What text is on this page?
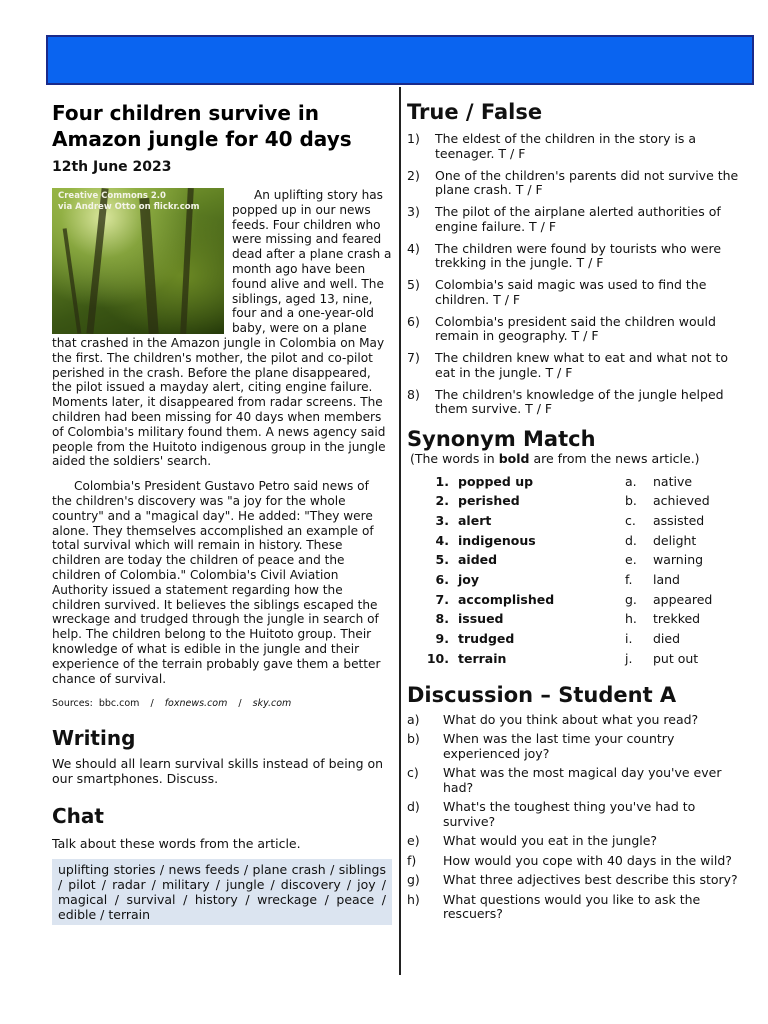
Four children survive in Amazon jungle for 40 days
12th June 2023

Creative Commons 2.0
via Andrew Otto on flickr.com
An uplifting story has popped up in our news feeds. Four children who were missing and feared dead after a plane crash a month ago have been found alive and well. The siblings, aged 13, nine, four and a one-year-old baby, were on a plane that crashed in the Amazon jungle in Colombia on May the first. The children's mother, the pilot and co-pilot perished in the crash. Before the plane disappeared, the pilot issued a mayday alert, citing engine failure. Moments later, it disappeared from radar screens. The children had been missing for 40 days when members of Colombia's military found them. A news agency said people from the Huitoto indigenous group in the jungle aided the soldiers' search.

Colombia's President Gustavo Petro said news of the children's discovery was "a joy for the whole country" and a "magical day". He added: "They were alone. They themselves accomplished an example of total survival which will remain in history. These children are today the children of peace and the children of Colombia." Colombia's Civil Aviation Authority issued a statement regarding how the children survived. It believes the siblings escaped the wreckage and trudged through the jungle in search of help. The children belong to the Huitoto group. Their knowledge of what is edible in the jungle and their experience of the terrain probably gave them a better chance of survival.

Sources: bbc.com / foxnews.com / sky.com
Writing
We should all learn survival skills instead of being on our smartphones. Discuss.
Chat
Talk about these words from the article.
uplifting stories / news feeds / plane crash / siblings / pilot / radar / military / jungle / discovery / joy / magical / survival / history / wreckage / peace / edible / terrain
True / False
1)	The eldest of the children in the story is a teenager. T / F
2)	One of the children's parents did not survive the plane crash. T / F
3)	The pilot of the airplane alerted authorities of engine failure. T / F
4)	The children were found by tourists who were trekking in the jungle. T / F
5)	Colombia's said magic was used to find the children. T / F
6)	Colombia's president said the children would remain in geography. T / F
7)	The children knew what to eat and what not to eat in the jungle. T / F
8)	The children's knowledge of the jungle helped them survive. T / F
Synonym Match
(The words in bold are from the news article.)
1. popped up	a.	native
2. perished	b.	achieved
3. alert	c.	assisted
4. indigenous	d.	delight
5. aided	e.	warning
6. joy	f.	land
7. accomplished	g.	appeared
8. issued	h.	trekked
9. trudged	i.	died
10. terrain	j.	put out
Discussion – Student A
a)	What do you think about what you read?
b)	When was the last time your country experienced joy?
c)	What was the most magical day you've ever had?
d)	What's the toughest thing you've had to survive?
e)	What would you eat in the jungle?
f)	How would you cope with 40 days in the wild?
g)	What three adjectives best describe this story?
h)	What questions would you like to ask the rescuers?
